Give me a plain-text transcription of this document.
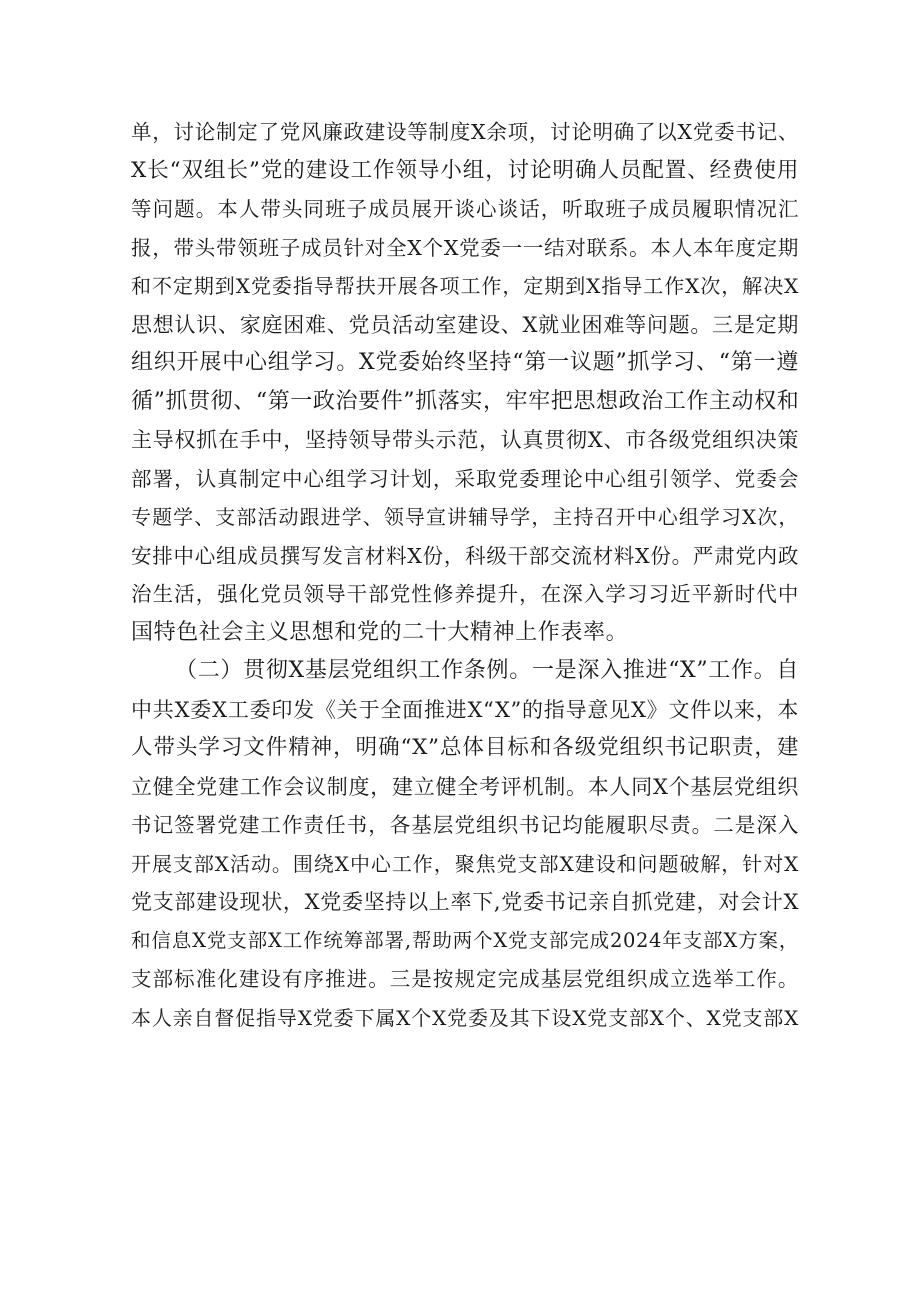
单，讨论制定了党风廉政建设等制度X余项，讨论明确了以X党委书记、
X长“双组长”党的建设工作领导小组，讨论明确人员配置、经费使用
等问题。本人带头同班子成员展开谈心谈话，听取班子成员履职情况汇
报，带头带领班子成员针对全X个X党委一一结对联系。本人本年度定期
和不定期到X党委指导帮扶开展各项工作，定期到X指导工作X次，解决X
思想认识、家庭困难、党员活动室建设、X就业困难等问题。三是定期
组织开展中心组学习。X党委始终坚持“第一议题”抓学习、“第一遵
循”抓贯彻、“第一政治要件”抓落实，牢牢把思想政治工作主动权和
主导权抓在手中，坚持领导带头示范，认真贯彻X、市各级党组织决策
部署，认真制定中心组学习计划，采取党委理论中心组引领学、党委会
专题学、支部活动跟进学、领导宣讲辅导学，主持召开中心组学习X次，
安排中心组成员撰写发言材料X份，科级干部交流材料X份。严肃党内政
治生活，强化党员领导干部党性修养提升，在深入学习习近平新时代中
国特色社会主义思想和党的二十大精神上作表率。
（二）贯彻X基层党组织工作条例。一是深入推进“X”工作。自
中共X委X工委印发《关于全面推进X“X”的指导意见X》文件以来，本
人带头学习文件精神，明确“X”总体目标和各级党组织书记职责，建
立健全党建工作会议制度，建立健全考评机制。本人同X个基层党组织
书记签署党建工作责任书，各基层党组织书记均能履职尽责。二是深入
开展支部X活动。围绕X中心工作，聚焦党支部X建设和问题破解，针对X
党支部建设现状，X党委坚持以上率下,党委书记亲自抓党建，对会计X
和信息X党支部X工作统筹部署,帮助两个X党支部完成2024年支部X方案，
支部标准化建设有序推进。三是按规定完成基层党组织成立选举工作。
本人亲自督促指导X党委下属X个X党委及其下设X党支部X个、X党支部X
